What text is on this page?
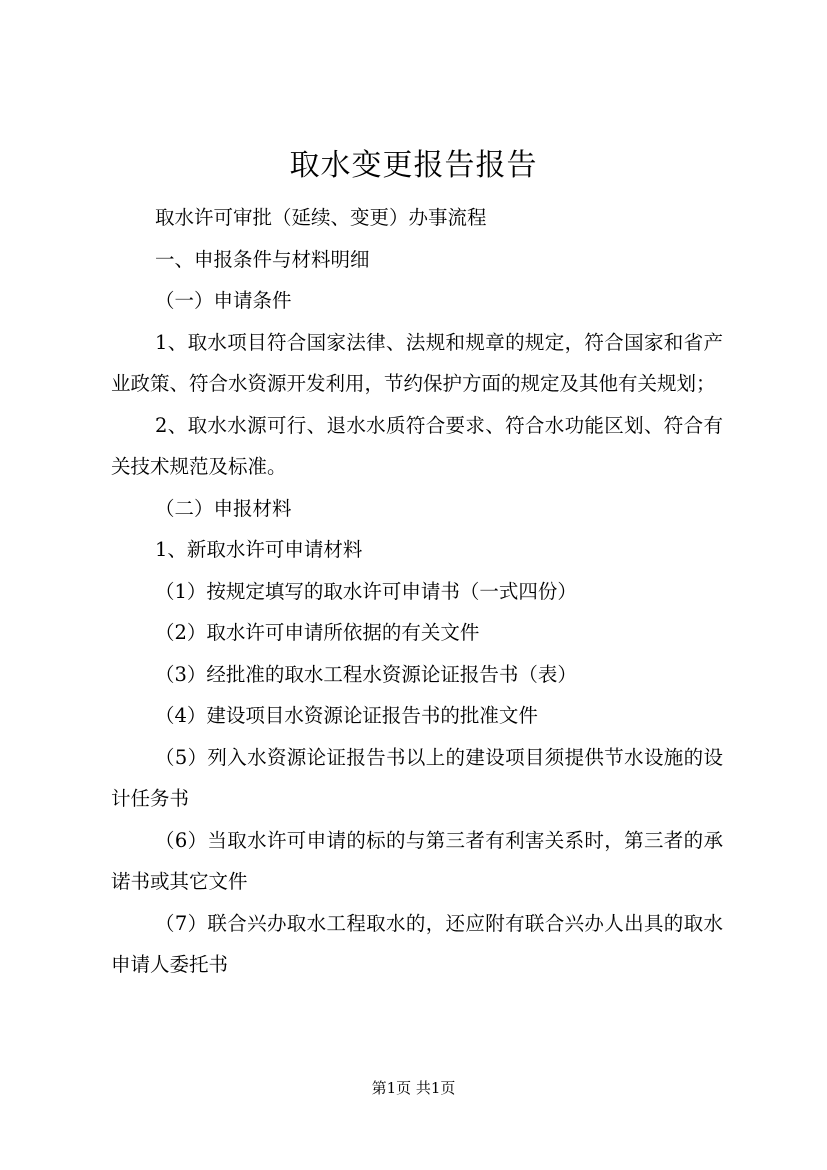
取水变更报告报告

取水许可审批（延续、变更）办事流程

一、申报条件与材料明细

（一）申请条件

1、取水项目符合国家法律、法规和规章的规定，符合国家和省产业政策、符合水资源开发利用，节约保护方面的规定及其他有关规划；

2、取水水源可行、退水水质符合要求、符合水功能区划、符合有关技术规范及标准。

（二）申报材料

1、新取水许可申请材料

（1）按规定填写的取水许可申请书（一式四份）

（2）取水许可申请所依据的有关文件

（3）经批准的取水工程水资源论证报告书（表）

（4）建设项目水资源论证报告书的批准文件

（5）列入水资源论证报告书以上的建设项目须提供节水设施的设计任务书

（6）当取水许可申请的标的与第三者有利害关系时，第三者的承诺书或其它文件

（7）联合兴办取水工程取水的，还应附有联合兴办人出具的取水申请人委托书

第1页 共1页
